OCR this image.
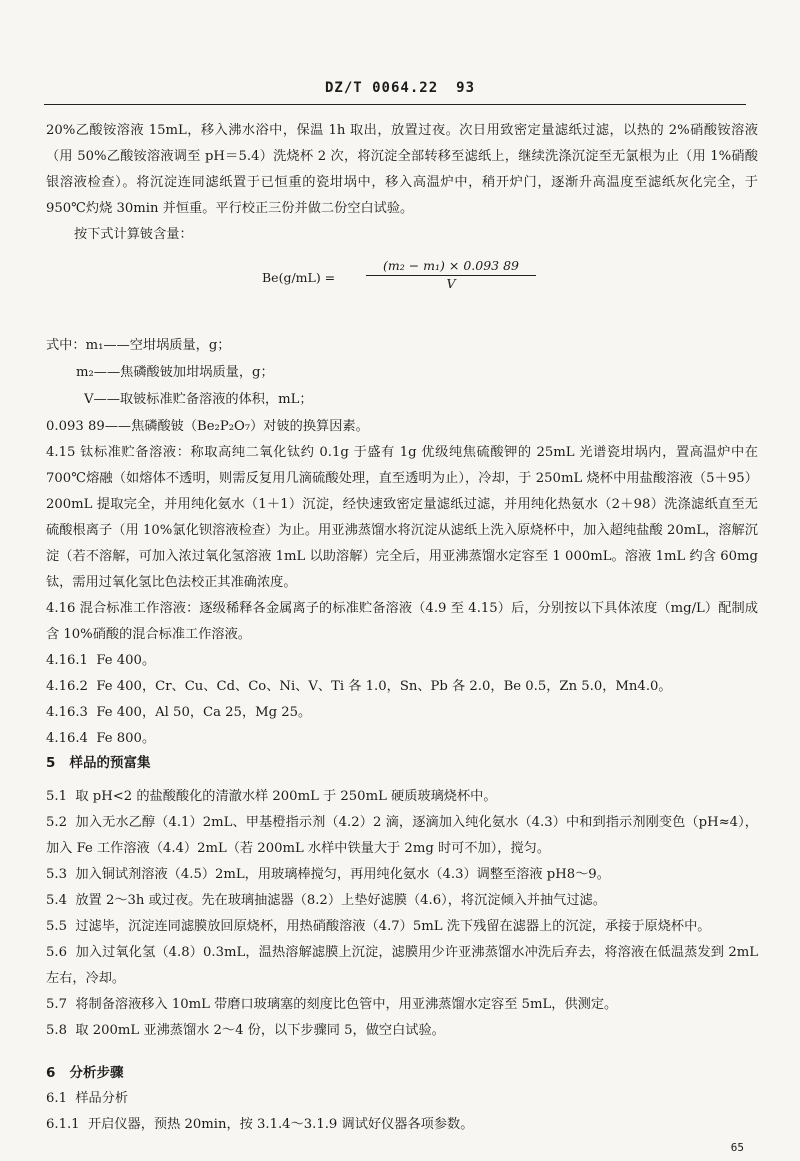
DZ/T 0064.22 93

20%乙酸铵溶液 15mL，移入沸水浴中，保温 1h 取出，放置过夜。次日用致密定量滤纸过滤，以热的 2%硝酸铵溶液（用 50%乙酸铵溶液调至 pH＝5.4）洗烧杯 2 次，将沉淀全部转移至滤纸上，继续洗涤沉淀至无氯根为止（用 1%硝酸银溶液检查）。将沉淀连同滤纸置于已恒重的瓷坩埚中，移入高温炉中，稍开炉门，逐渐升高温度至滤纸灰化完全，于 950℃灼烧 30min 并恒重。平行校正三份并做二份空白试验。

按下式计算铍含量：

$Be(g/mL) = \frac{\text{(m₂ − m₁) × 0.093 89}}{V}$
式中：m₁——空坩埚质量，g；
m₂——焦磷酸铍加坩埚质量，g；
V——取铍标准贮备溶液的体积，mL；
0.093 89——焦磷酸铍（Be₂P₂O₇）对铍的换算因素。

4.15 钛标准贮备溶液：称取高纯二氧化钛约 0.1g 于盛有 1g 优级纯焦硫酸钾的 25mL 光谱瓷坩埚内，置高温炉中在 700℃熔融（如熔体不透明，则需反复用几滴硫酸处理，直至透明为止），冷却，于 250mL 烧杯中用盐酸溶液（5＋95）200mL 提取完全，并用纯化氨水（1＋1）沉淀，经快速致密定量滤纸过滤，并用纯化热氨水（2＋98）洗涤滤纸直至无硫酸根离子（用 10%氯化钡溶液检查）为止。用亚沸蒸馏水将沉淀从滤纸上洗入原烧杯中，加入超纯盐酸 20mL，溶解沉淀（若不溶解，可加入浓过氧化氢溶液 1mL 以助溶解）完全后，用亚沸蒸馏水定容至 1 000mL。溶液 1mL 约含 60mg 钛，需用过氧化氢比色法校正其准确浓度。

4.16 混合标准工作溶液：逐级稀释各金属离子的标准贮备溶液（4.9 至 4.15）后，分别按以下具体浓度（mg/L）配制成含 10%硝酸的混合标准工作溶液。

4.16.1 Fe 400。
4.16.2 Fe 400，Cr、Cu、Cd、Co、Ni、V、Ti 各 1.0，Sn、Pb 各 2.0，Be 0.5，Zn 5.0，Mn4.0。
4.16.3 Fe 400，Al 50，Ca 25，Mg 25。
4.16.4 Fe 800。
5 样品的预富集

5.1 取 pH<2 的盐酸酸化的清澈水样 200mL 于 250mL 硬质玻璃烧杯中。

5.2 加入无水乙醇（4.1）2mL、甲基橙指示剂（4.2）2 滴，逐滴加入纯化氨水（4.3）中和到指示剂刚变色（pH≈4），加入 Fe 工作溶液（4.4）2mL（若 200mL 水样中铁量大于 2mg 时可不加），搅匀。

5.3 加入铜试剂溶液（4.5）2mL，用玻璃棒搅匀，再用纯化氨水（4.3）调整至溶液 pH8～9。

5.4 放置 2～3h 或过夜。先在玻璃抽滤器（8.2）上垫好滤膜（4.6），将沉淀倾入并抽气过滤。

5.5 过滤毕，沉淀连同滤膜放回原烧杯，用热硝酸溶液（4.7）5mL 洗下残留在滤器上的沉淀，承接于原烧杯中。

5.6 加入过氧化氢（4.8）0.3mL，温热溶解滤膜上沉淀，滤膜用少许亚沸蒸馏水冲洗后弃去，将溶液在低温蒸发到 2mL 左右，冷却。

5.7 将制备溶液移入 10mL 带磨口玻璃塞的刻度比色管中，用亚沸蒸馏水定容至 5mL，供测定。

5.8 取 200mL 亚沸蒸馏水 2～4 份，以下步骤同 5，做空白试验。

6 分析步骤
6.1 样品分析
6.1.1 开启仪器，预热 20min，按 3.1.4～3.1.9 调试好仪器各项参数。
65
